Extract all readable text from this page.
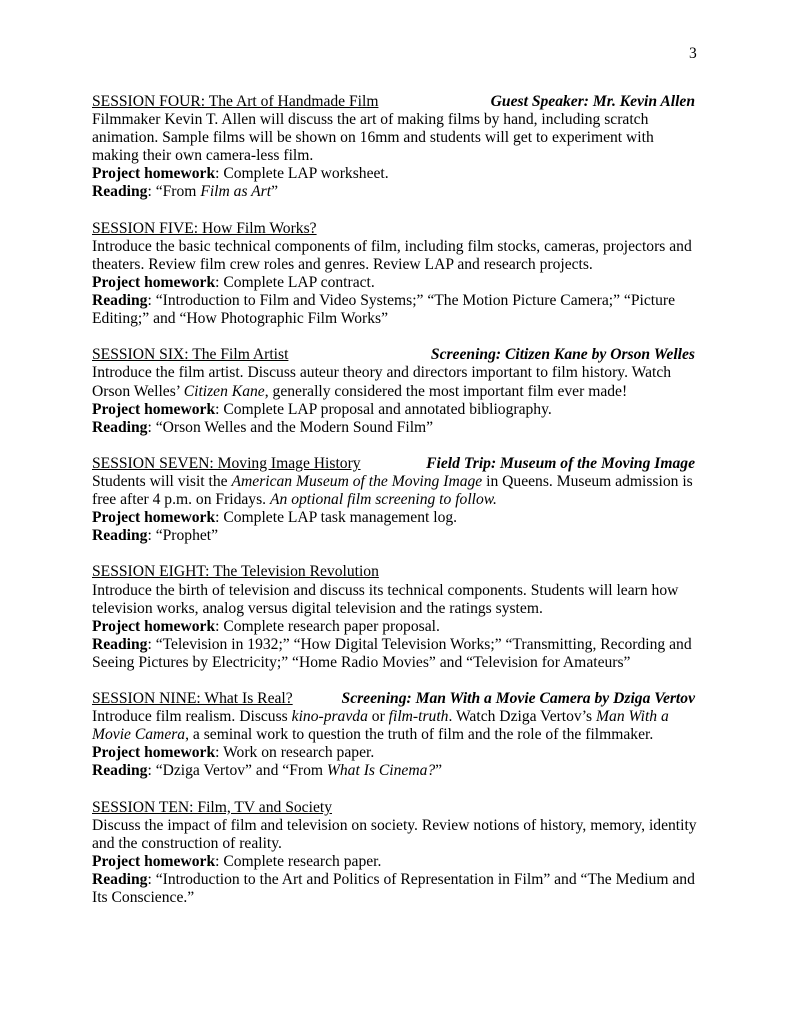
3
SESSION FOUR: The Art of Handmade Film	Guest Speaker: Mr. Kevin Allen
Filmmaker Kevin T. Allen will discuss the art of making films by hand, including scratch
animation. Sample films will be shown on 16mm and students will get to experiment with
making their own camera-less film.
Project homework: Complete LAP worksheet.
Reading: “From Film as Art”
SESSION FIVE: How Film Works?
Introduce the basic technical components of film, including film stocks, cameras, projectors and
theaters. Review film crew roles and genres. Review LAP and research projects.
Project homework: Complete LAP contract.
Reading: “Introduction to Film and Video Systems;” “The Motion Picture Camera;” “Picture
Editing;” and “How Photographic Film Works”
SESSION SIX: The Film Artist	Screening: Citizen Kane by Orson Welles
Introduce the film artist. Discuss auteur theory and directors important to film history. Watch
Orson Welles’ Citizen Kane, generally considered the most important film ever made!
Project homework: Complete LAP proposal and annotated bibliography.
Reading: “Orson Welles and the Modern Sound Film”
SESSION SEVEN: Moving Image History	Field Trip: Museum of the Moving Image
Students will visit the American Museum of the Moving Image in Queens. Museum admission is
free after 4 p.m. on Fridays. An optional film screening to follow.
Project homework: Complete LAP task management log.
Reading: “Prophet”
SESSION EIGHT: The Television Revolution
Introduce the birth of television and discuss its technical components. Students will learn how
television works, analog versus digital television and the ratings system.
Project homework: Complete research paper proposal.
Reading: “Television in 1932;” “How Digital Television Works;” “Transmitting, Recording and
Seeing Pictures by Electricity;” “Home Radio Movies” and “Television for Amateurs”
SESSION NINE: What Is Real?	Screening: Man With a Movie Camera by Dziga Vertov
Introduce film realism. Discuss kino-pravda or film-truth. Watch Dziga Vertov’s Man With a
Movie Camera, a seminal work to question the truth of film and the role of the filmmaker.
Project homework: Work on research paper.
Reading: “Dziga Vertov” and “From What Is Cinema?”
SESSION TEN: Film, TV and Society
Discuss the impact of film and television on society. Review notions of history, memory, identity
and the construction of reality.
Project homework: Complete research paper.
Reading: “Introduction to the Art and Politics of Representation in Film” and “The Medium and
Its Conscience.”
